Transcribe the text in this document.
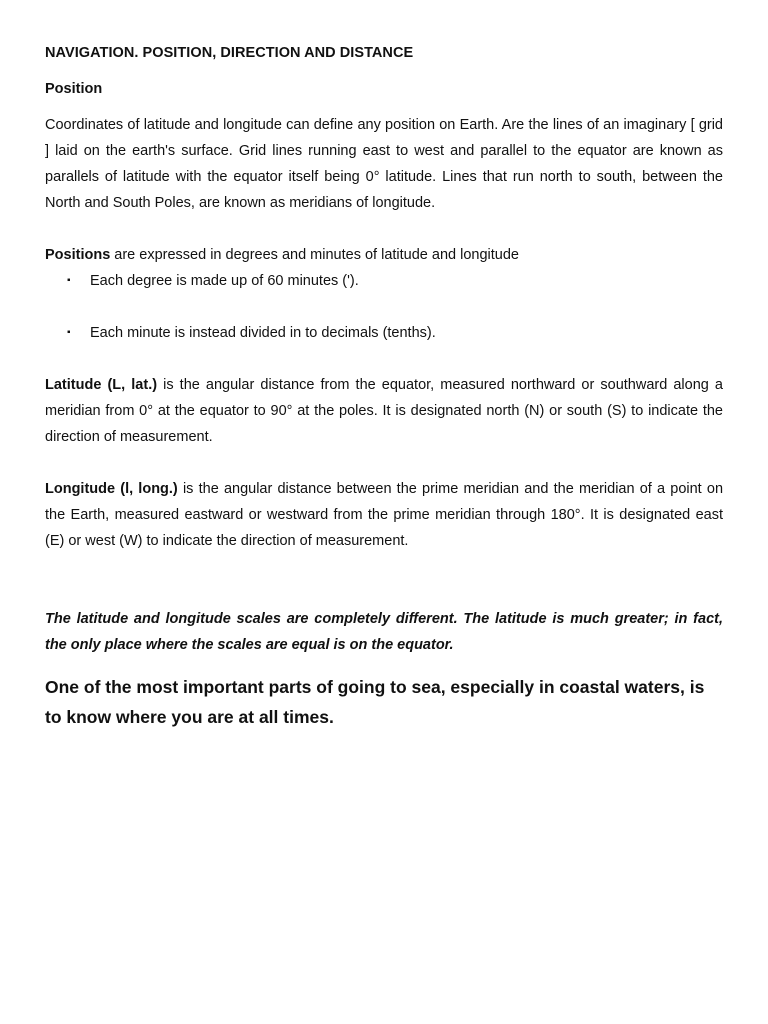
NAVIGATION. POSITION, DIRECTION AND DISTANCE
Position

Coordinates of latitude and longitude can define any position on Earth. Are the lines of an imaginary [ grid ] laid on the earth's surface. Grid lines running east to west and parallel to the equator are known as parallels of latitude with the equator itself being 0° latitude. Lines that run north to south, between the North and South Poles, are known as meridians of longitude.

Positions are expressed in degrees and minutes of latitude and longitude

▪ Each degree is made up of 60 minutes (').
▪ Each minute is instead divided in to decimals (tenths).

Latitude (L, lat.) is the angular distance from the equator, measured northward or southward along a meridian from 0° at the equator to 90° at the poles. It is designated north (N) or south (S) to indicate the direction of measurement.

Longitude (l, long.) is the angular distance between the prime meridian and the meridian of a point on the Earth, measured eastward or westward from the prime meridian through 180°. It is designated east (E) or west (W) to indicate the direction of measurement.

The latitude and longitude scales are completely different. The latitude is much greater; in fact, the only place where the scales are equal is on the equator.

One of the most important parts of going to sea, especially in coastal waters, is to know where you are at all times.
